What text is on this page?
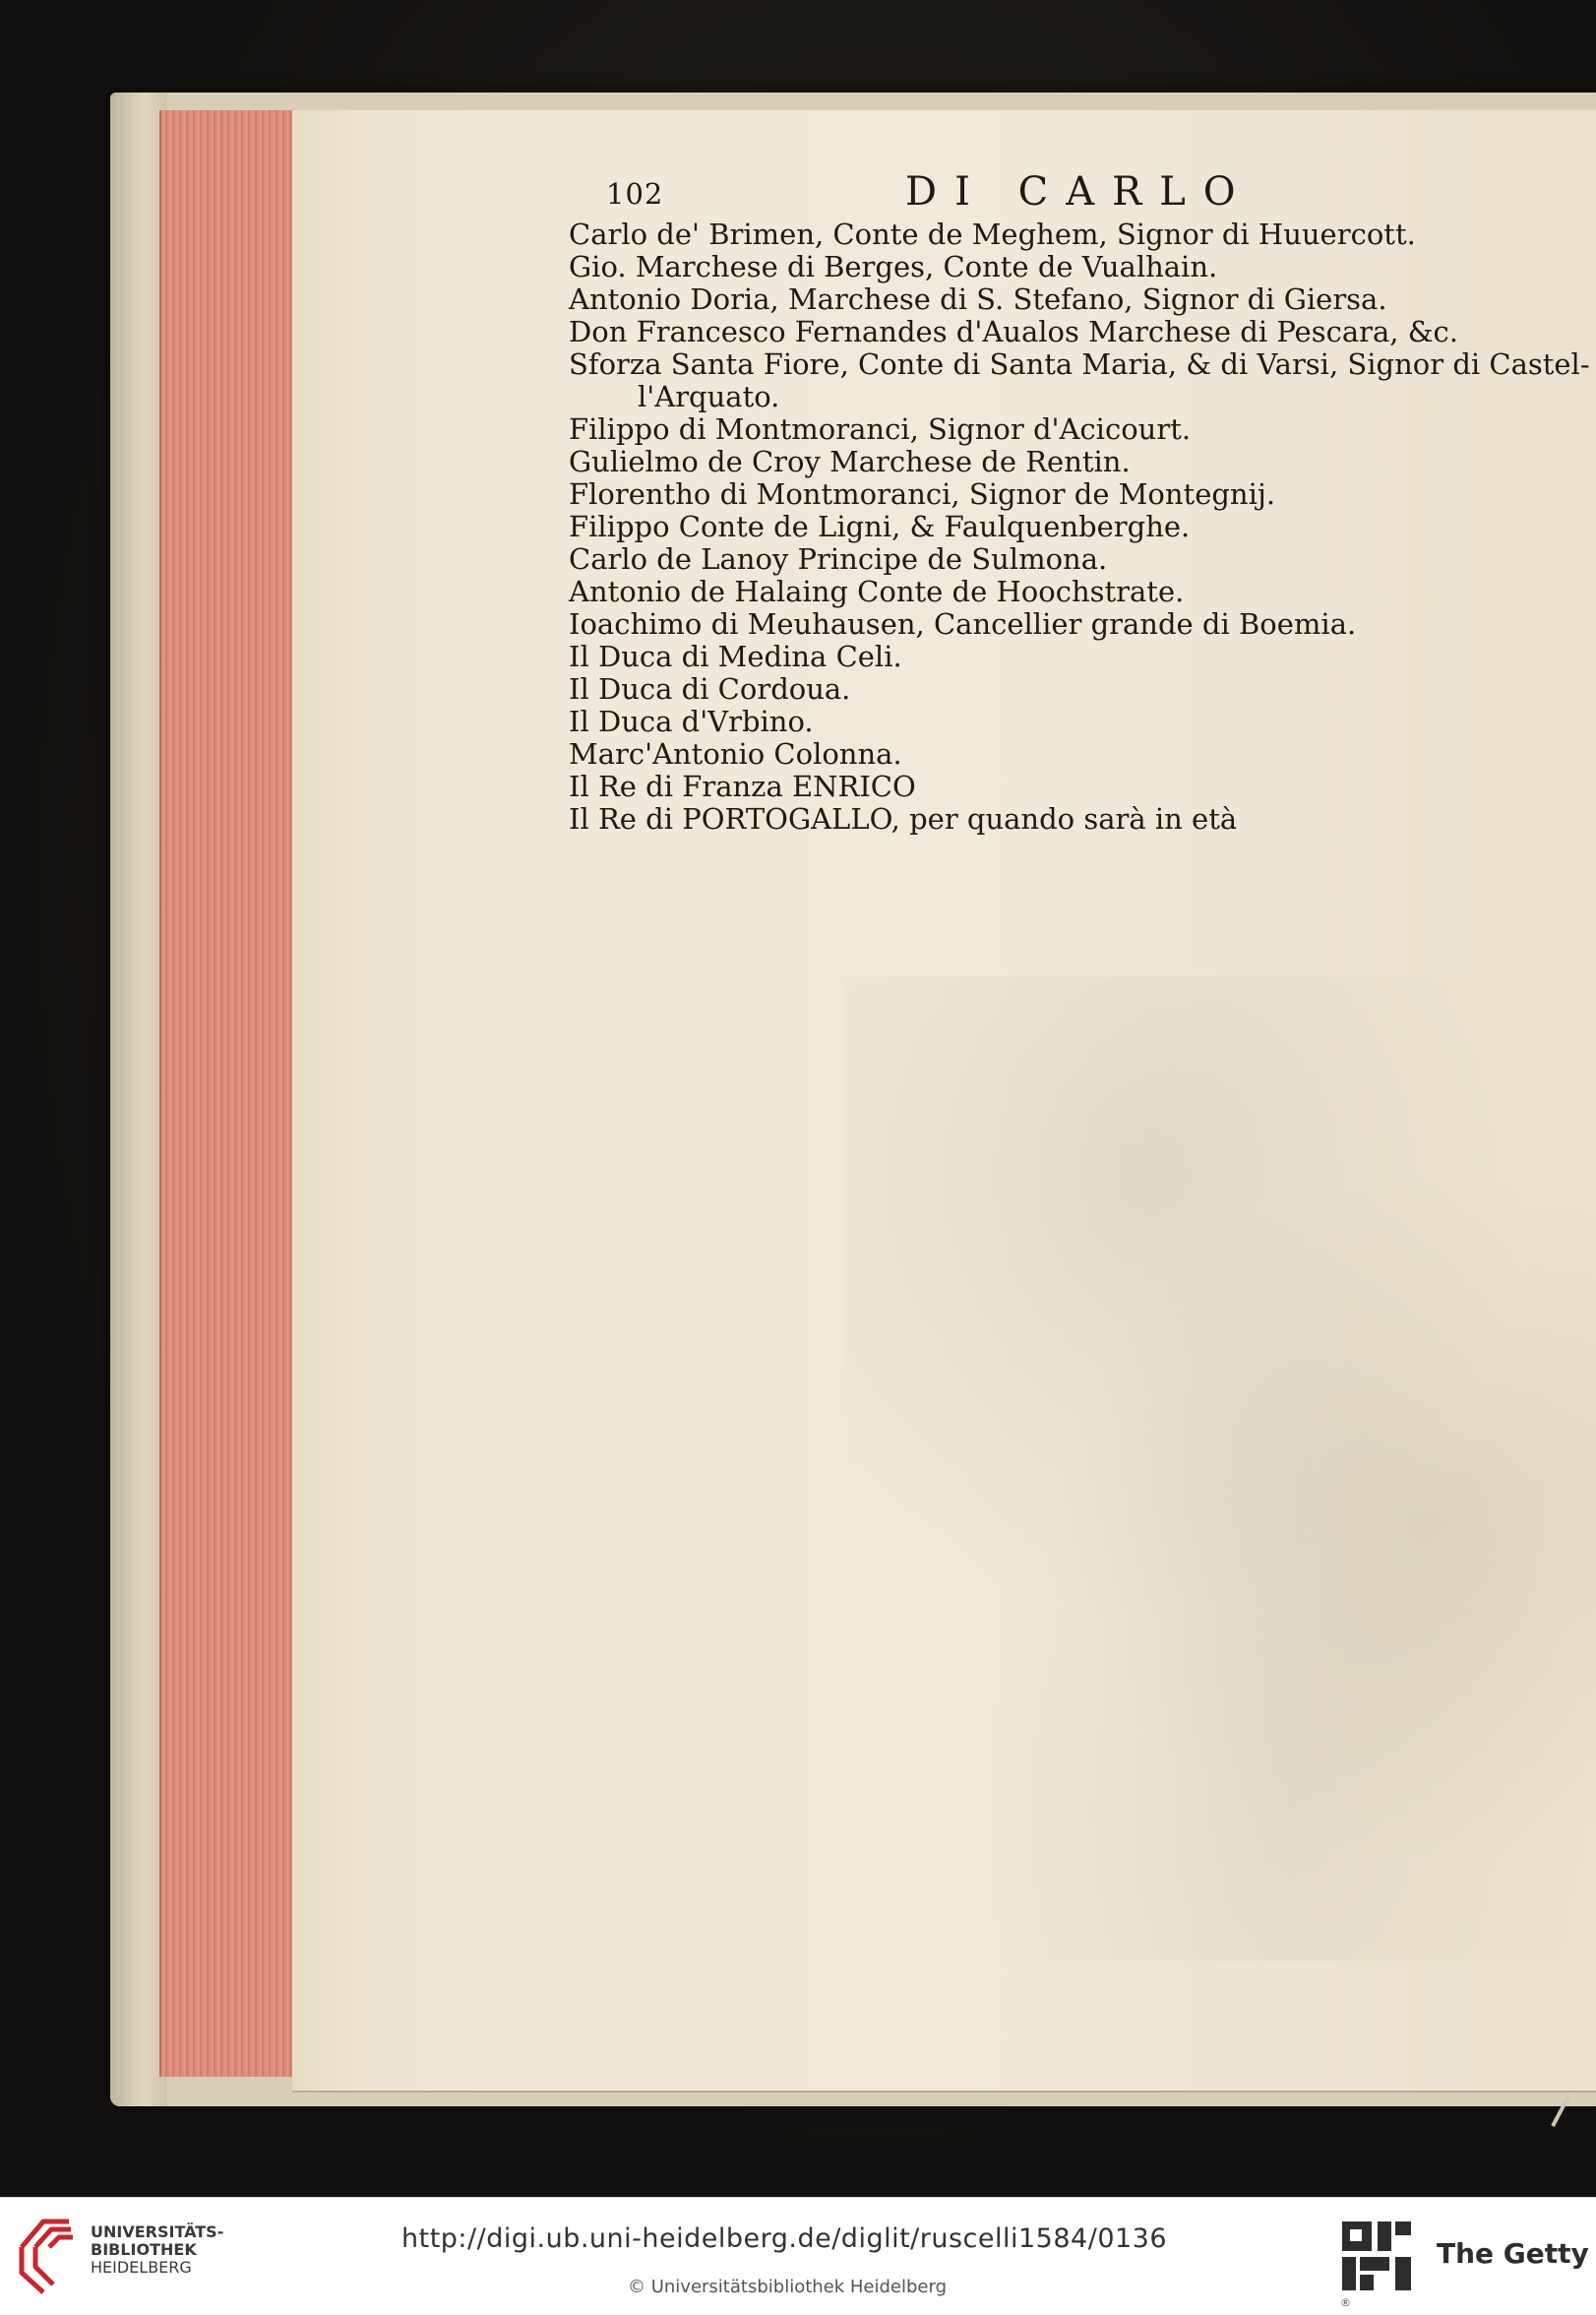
102	DI CARLO
Carlo de' Brimen, Conte de Meghem, Signor di Huuercott.
Gio. Marchese di Berges, Conte de Vualhain.
Antonio Doria, Marchese di S. Stefano, Signor di Giersa.
Don Francesco Fernandes d'Aualos Marchese di Pescara, &c.
Sforza Santa Fiore, Conte di Santa Maria, & di Varsi, Signor di Castel-
l'Arquato.
Filippo di Montmoranci, Signor d'Acicourt.
Gulielmo de Croy Marchese de Rentin.
Florentho di Montmoranci, Signor de Montegnij.
Filippo Conte de Ligni, & Faulquenberghe.
Carlo de Lanoy Principe de Sulmona.
Antonio de Halaing Conte de Hoochstrate.
Ioachimo di Meuhausen, Cancellier grande di Boemia.
Il Duca di Medina Celi.
Il Duca di Cordoua.
Il Duca d'Vrbino.
Marc'Antonio Colonna.
Il Re di Franza ENRICO
Il Re di PORTOGALLO, per quando sarà in età
UNIVERSITÄTS-
BIBLIOTHEK
HEIDELBERG
http://digi.ub.uni-heidelberg.de/diglit/ruscelli1584/0136
© Universitätsbibliothek Heidelberg
The Getty
®
